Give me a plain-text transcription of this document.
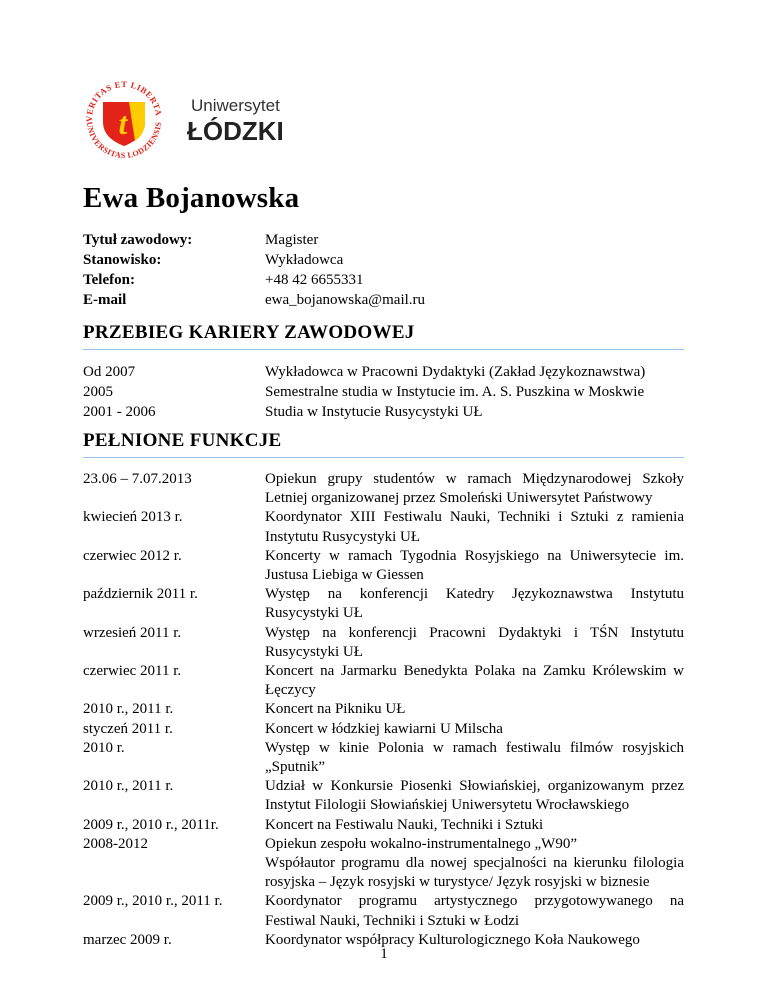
VERITAS ET LIBERTA
UNIVERSITAS LODZIENSIS
t	Uniwersytet
ŁÓDZKI
Ewa Bojanowska
Tytuł zawodowy:	Magister
Stanowisko:	Wykładowca
Telefon:	+48 42 6655331
E-mail	ewa_bojanowska@mail.ru
PRZEBIEG KARIERY ZAWODOWEJ
Od 2007	Wykładowca w Pracowni Dydaktyki (Zakład Językoznawstwa)
2005	Semestralne studia w Instytucie im. A. S. Puszkina w Moskwie
2001 - 2006	Studia w Instytucie Rusycystyki UŁ
PEŁNIONE FUNKCJE
23.06 – 7.07.2013	Opiekun grupy studentów w ramach Międzynarodowej Szkoły Letniej organizowanej przez Smoleński Uniwersytet Państwowy
kwiecień 2013 r.	Koordynator XIII Festiwalu Nauki, Techniki i Sztuki z ramienia Instytutu Rusycystyki UŁ
czerwiec 2012 r.	Koncerty w ramach Tygodnia Rosyjskiego na Uniwersytecie im. Justusa Liebiga w Giessen
październik 2011 r.	Występ na konferencji Katedry Językoznawstwa Instytutu Rusycystyki UŁ
wrzesień 2011 r.	Występ na konferencji Pracowni Dydaktyki i TŚN Instytutu Rusycystyki UŁ
czerwiec 2011 r.	Koncert na Jarmarku Benedykta Polaka na Zamku Królewskim w Łęczycy
2010 r., 2011 r.	Koncert na Pikniku UŁ
styczeń 2011 r.	Koncert w łódzkiej kawiarni U Milscha
2010 r.	Występ w kinie Polonia w ramach festiwalu filmów rosyjskich „Sputnik”
2010 r., 2011 r.	Udział w Konkursie Piosenki Słowiańskiej, organizowanym przez Instytut Filologii Słowiańskiej Uniwersytetu Wrocławskiego
2009 r., 2010 r., 2011r.	Koncert na Festiwalu Nauki, Techniki i Sztuki
2008-2012	Opiekun zespołu wokalno-instrumentalnego „W90”
Współautor programu dla nowej specjalności na kierunku filologia rosyjska – Język rosyjski w turystyce/ Język rosyjski w biznesie
2009 r., 2010 r., 2011 r.	Koordynator programu artystycznego przygotowywanego na Festiwal Nauki, Techniki i Sztuki w Łodzi
marzec 2009 r.	Koordynator współpracy Kulturologicznego Koła Naukowego
1
